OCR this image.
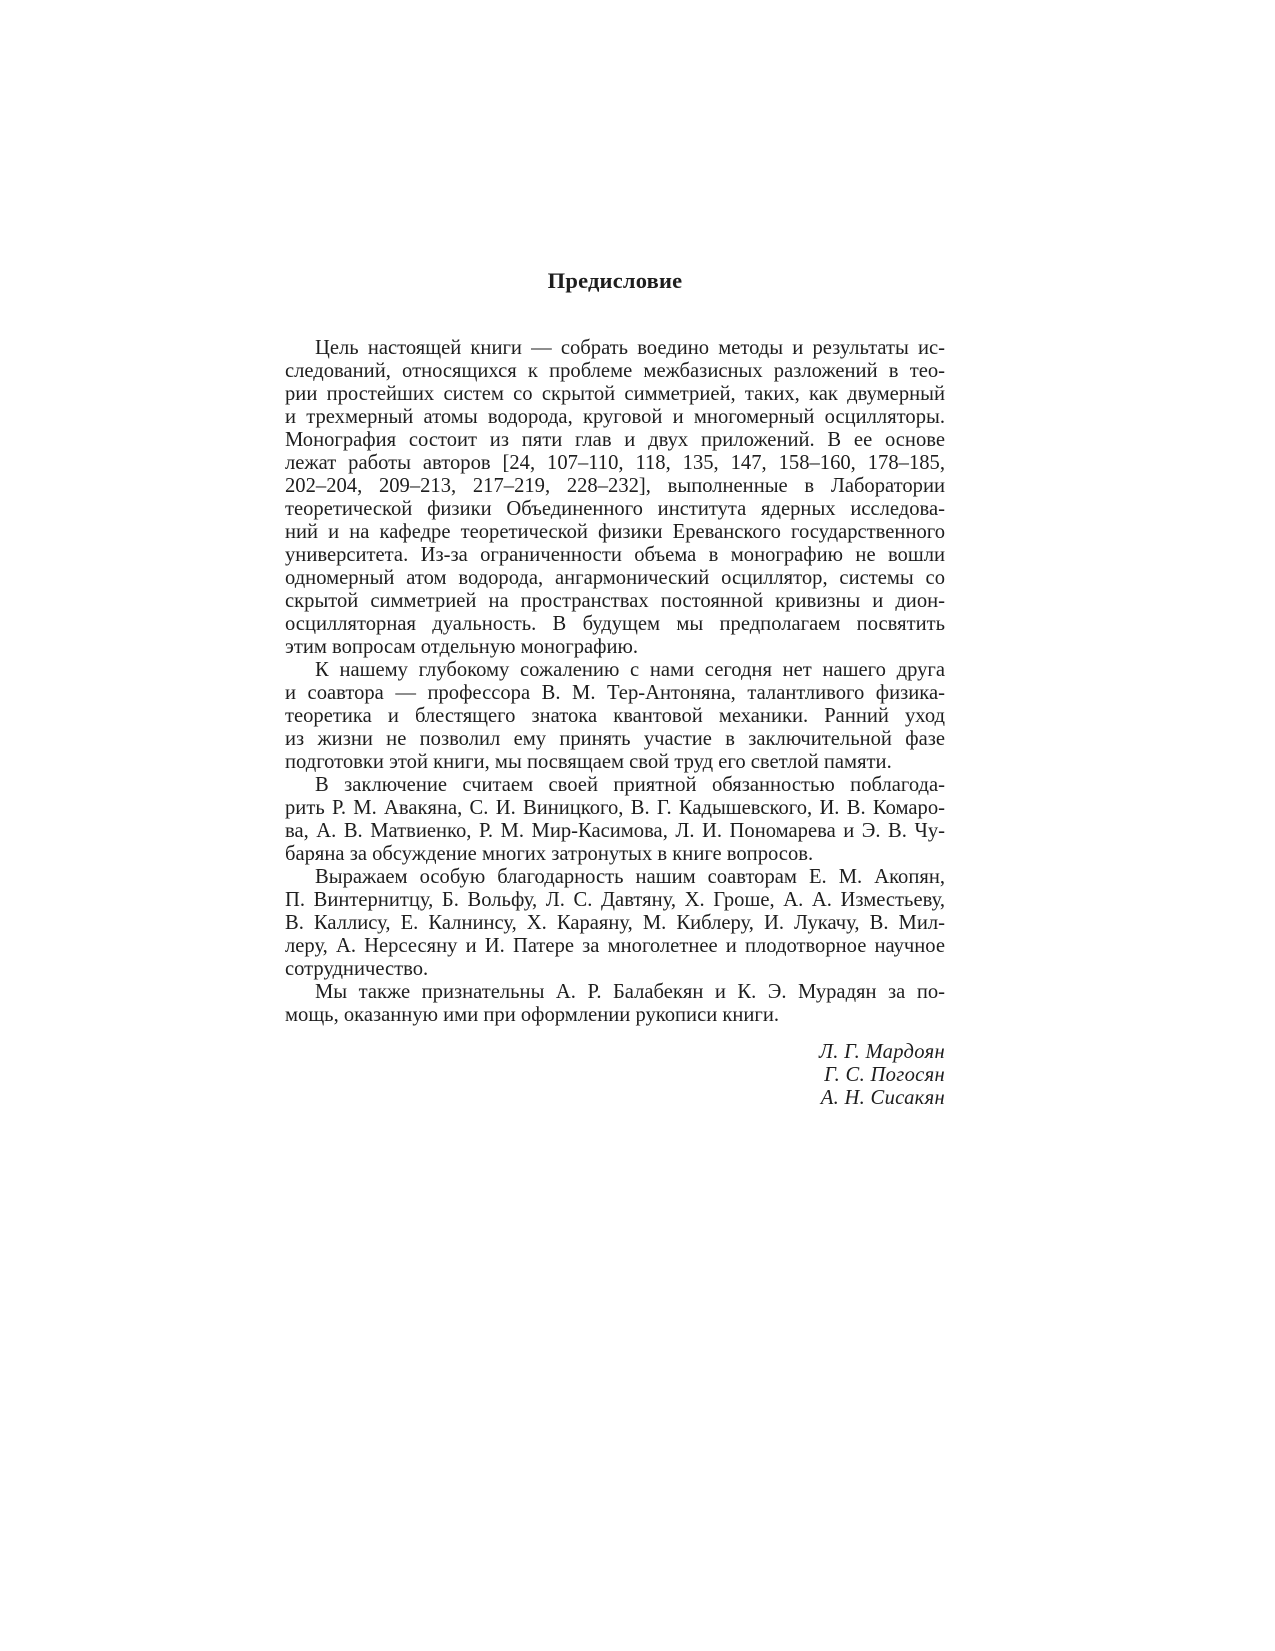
Предисловие

Цель настоящей книги — собрать воедино методы и результаты ис-
следований, относящихся к проблеме межбазисных разложений в тео-
рии простейших систем со скрытой симметрией, таких, как двумерный
и трехмерный атомы водорода, круговой и многомерный осцилляторы.
Монография состоит из пяти глав и двух приложений. В ее основе
лежат работы авторов [24, 107–110, 118, 135, 147, 158–160, 178–185,
202–204, 209–213, 217–219, 228–232], выполненные в Лаборатории
теоретической физики Объединенного института ядерных исследова-
ний и на кафедре теоретической физики Ереванского государственного
университета. Из-за ограниченности объема в монографию не вошли
одномерный атом водорода, ангармонический осциллятор, системы со
скрытой симметрией на пространствах постоянной кривизны и дион-
осцилляторная дуальность. В будущем мы предполагаем посвятить
этим вопросам отдельную монографию.

К нашему глубокому сожалению с нами сегодня нет нашего друга
и соавтора — профессора В. М. Тер-Антоняна, талантливого физика-
теоретика и блестящего знатока квантовой механики. Ранний уход
из жизни не позволил ему принять участие в заключительной фазе
подготовки этой книги, мы посвящаем свой труд его светлой памяти.

В заключение считаем своей приятной обязанностью поблагода-
рить Р. М. Авакяна, С. И. Виницкого, В. Г. Кадышевского, И. В. Комаро-
ва, А. В. Матвиенко, Р. М. Мир-Касимова, Л. И. Пономарева и Э. В. Чу-
баряна за обсуждение многих затронутых в книге вопросов.

Выражаем особую благодарность нашим соавторам Е. М. Акопян,
П. Винтернитцу, Б. Вольфу, Л. С. Давтяну, Х. Гроше, А. А. Изместьеву,
В. Каллису, Е. Калнинсу, Х. Караяну, М. Киблеру, И. Лукачу, В. Мил-
леру, А. Нерсесяну и И. Патере за многолетнее и плодотворное научное
сотрудничество.

Мы также признательны А. Р. Балабекян и К. Э. Мурадян за по-
мощь, оказанную ими при оформлении рукописи книги.

Л. Г. Мардоян
Г. С. Погосян
А. Н. Сисакян
